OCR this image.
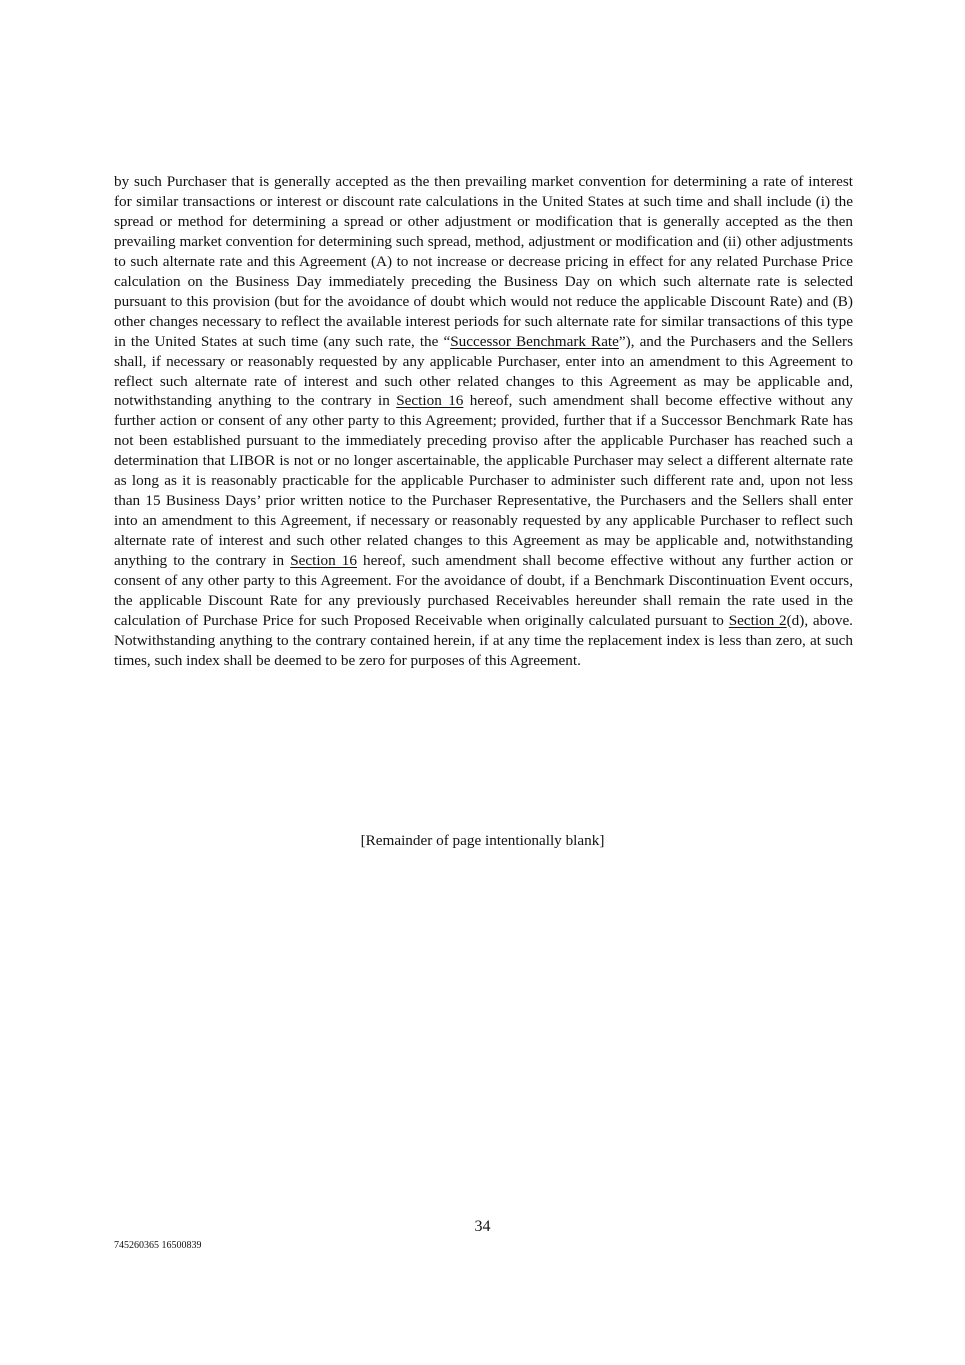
by such Purchaser that is generally accepted as the then prevailing market convention for determining a rate of interest for similar transactions or interest or discount rate calculations in the United States at such time and shall include (i) the spread or method for determining a spread or other adjustment or modification that is generally accepted as the then prevailing market convention for determining such spread, method, adjustment or modification and (ii) other adjustments to such alternate rate and this Agreement (A) to not increase or decrease pricing in effect for any related Purchase Price calculation on the Business Day immediately preceding the Business Day on which such alternate rate is selected pursuant to this provision (but for the avoidance of doubt which would not reduce the applicable Discount Rate) and (B) other changes necessary to reflect the available interest periods for such alternate rate for similar transactions of this type in the United States at such time (any such rate, the “Successor Benchmark Rate”), and the Purchasers and the Sellers shall, if necessary or reasonably requested by any applicable Purchaser, enter into an amendment to this Agreement to reflect such alternate rate of interest and such other related changes to this Agreement as may be applicable and, notwithstanding anything to the contrary in Section 16 hereof, such amendment shall become effective without any further action or consent of any other party to this Agreement; provided, further that if a Successor Benchmark Rate has not been established pursuant to the immediately preceding proviso after the applicable Purchaser has reached such a determination that LIBOR is not or no longer ascertainable, the applicable Purchaser may select a different alternate rate as long as it is reasonably practicable for the applicable Purchaser to administer such different rate and, upon not less than 15 Business Days’ prior written notice to the Purchaser Representative, the Purchasers and the Sellers shall enter into an amendment to this Agreement, if necessary or reasonably requested by any applicable Purchaser to reflect such alternate rate of interest and such other related changes to this Agreement as may be applicable and, notwithstanding anything to the contrary in Section 16 hereof, such amendment shall become effective without any further action or consent of any other party to this Agreement. For the avoidance of doubt, if a Benchmark Discontinuation Event occurs, the applicable Discount Rate for any previously purchased Receivables hereunder shall remain the rate used in the calculation of Purchase Price for such Proposed Receivable when originally calculated pursuant to Section 2(d), above. Notwithstanding anything to the contrary contained herein, if at any time the replacement index is less than zero, at such times, such index shall be deemed to be zero for purposes of this Agreement.

[Remainder of page intentionally blank]

34

745260365 16500839
